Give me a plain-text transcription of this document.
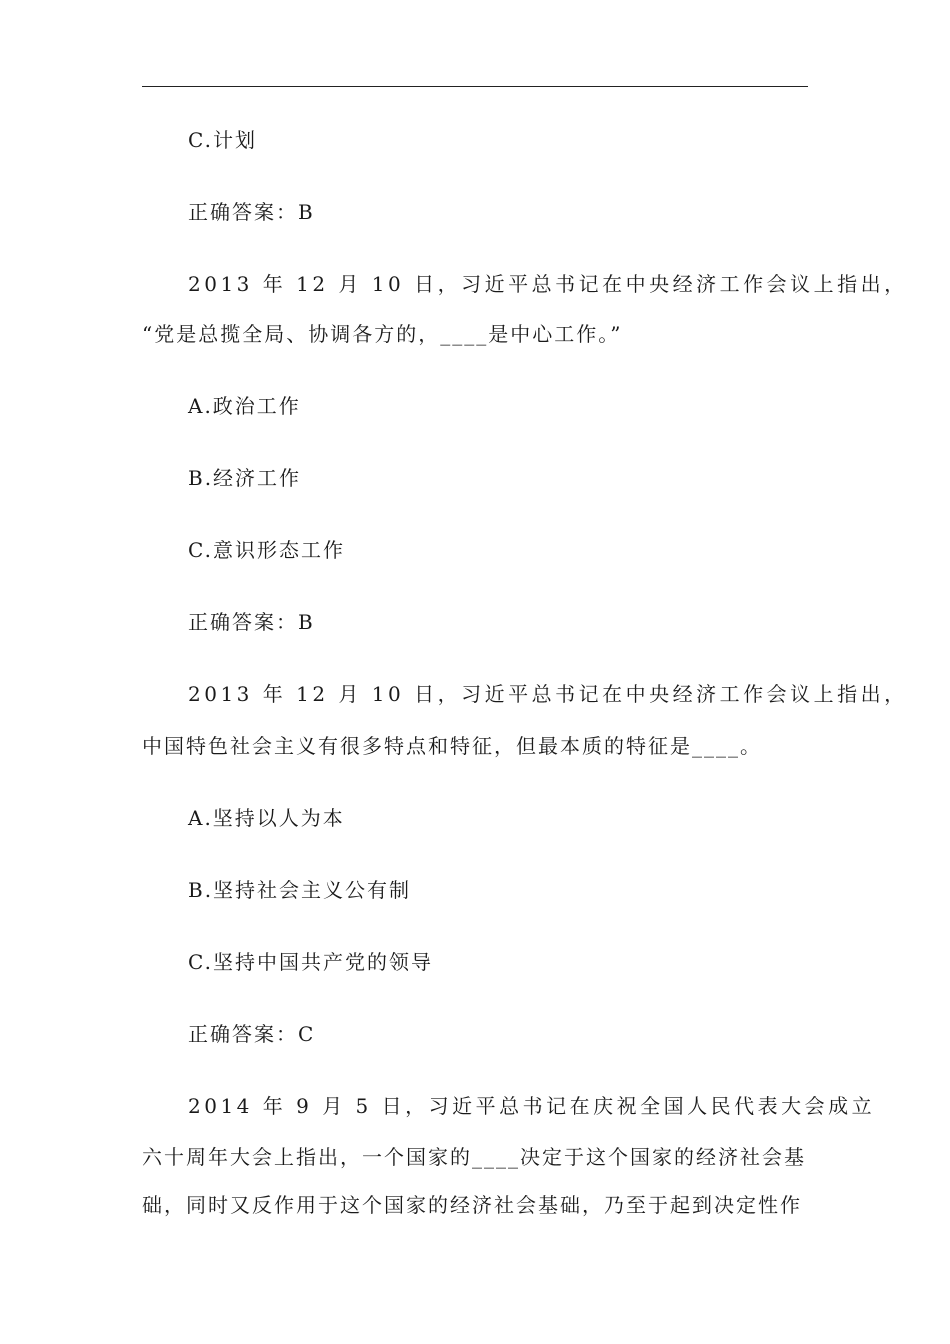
C.计划
正确答案：B
2013 年 12 月 10 日，习近平总书记在中央经济工作会议上指出，
“党是总揽全局、协调各方的，____是中心工作。”
A.政治工作
B.经济工作
C.意识形态工作
正确答案：B
2013 年 12 月 10 日，习近平总书记在中央经济工作会议上指出，
中国特色社会主义有很多特点和特征，但最本质的特征是____。
A.坚持以人为本
B.坚持社会主义公有制
C.坚持中国共产党的领导
正确答案：C
2014 年 9 月 5 日，习近平总书记在庆祝全国人民代表大会成立
六十周年大会上指出，一个国家的____决定于这个国家的经济社会基
础，同时又反作用于这个国家的经济社会基础，乃至于起到决定性作
